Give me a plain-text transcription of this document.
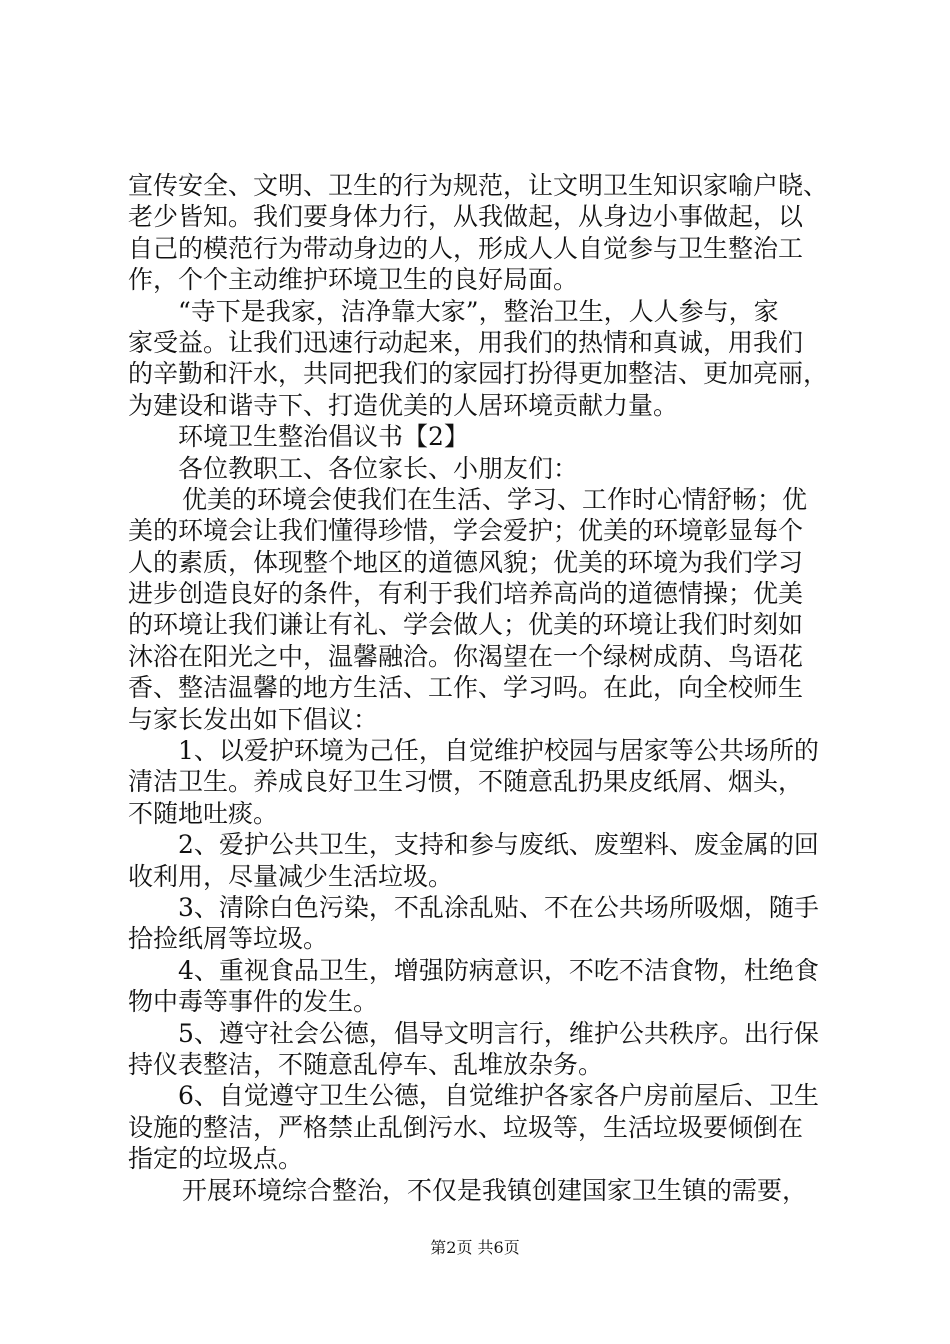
宣传安全、文明、卫生的行为规范，让文明卫生知识家喻户晓、
老少皆知。我们要身体力行，从我做起，从身边小事做起，以
自己的模范行为带动身边的人，形成人人自觉参与卫生整治工
作，个个主动维护环境卫生的良好局面。
“寺下是我家，洁净靠大家”，整治卫生，人人参与，家
家受益。让我们迅速行动起来，用我们的热情和真诚，用我们
的辛勤和汗水，共同把我们的家园打扮得更加整洁、更加亮丽，
为建设和谐寺下、打造优美的人居环境贡献力量。
环境卫生整治倡议书【2】
各位教职工、各位家长、小朋友们：
优美的环境会使我们在生活、学习、工作时心情舒畅；优
美的环境会让我们懂得珍惜，学会爱护；优美的环境彰显每个
人的素质，体现整个地区的道德风貌；优美的环境为我们学习
进步创造良好的条件，有利于我们培养高尚的道德情操；优美
的环境让我们谦让有礼、学会做人；优美的环境让我们时刻如
沐浴在阳光之中，温馨融洽。你渴望在一个绿树成荫、鸟语花
香、整洁温馨的地方生活、工作、学习吗。在此，向全校师生
与家长发出如下倡议：
1、以爱护环境为己任，自觉维护校园与居家等公共场所的
清洁卫生。养成良好卫生习惯，不随意乱扔果皮纸屑、烟头，
不随地吐痰。
2、爱护公共卫生，支持和参与废纸、废塑料、废金属的回
收利用，尽量减少生活垃圾。
3、清除白色污染，不乱涂乱贴、不在公共场所吸烟，随手
拾捡纸屑等垃圾。
4、重视食品卫生，增强防病意识，不吃不洁食物，杜绝食
物中毒等事件的发生。
5、遵守社会公德，倡导文明言行，维护公共秩序。出行保
持仪表整洁，不随意乱停车、乱堆放杂务。
6、自觉遵守卫生公德，自觉维护各家各户房前屋后、卫生
设施的整洁，严格禁止乱倒污水、垃圾等，生活垃圾要倾倒在
指定的垃圾点。
开展环境综合整治，不仅是我镇创建国家卫生镇的需要，
第2页 共6页
